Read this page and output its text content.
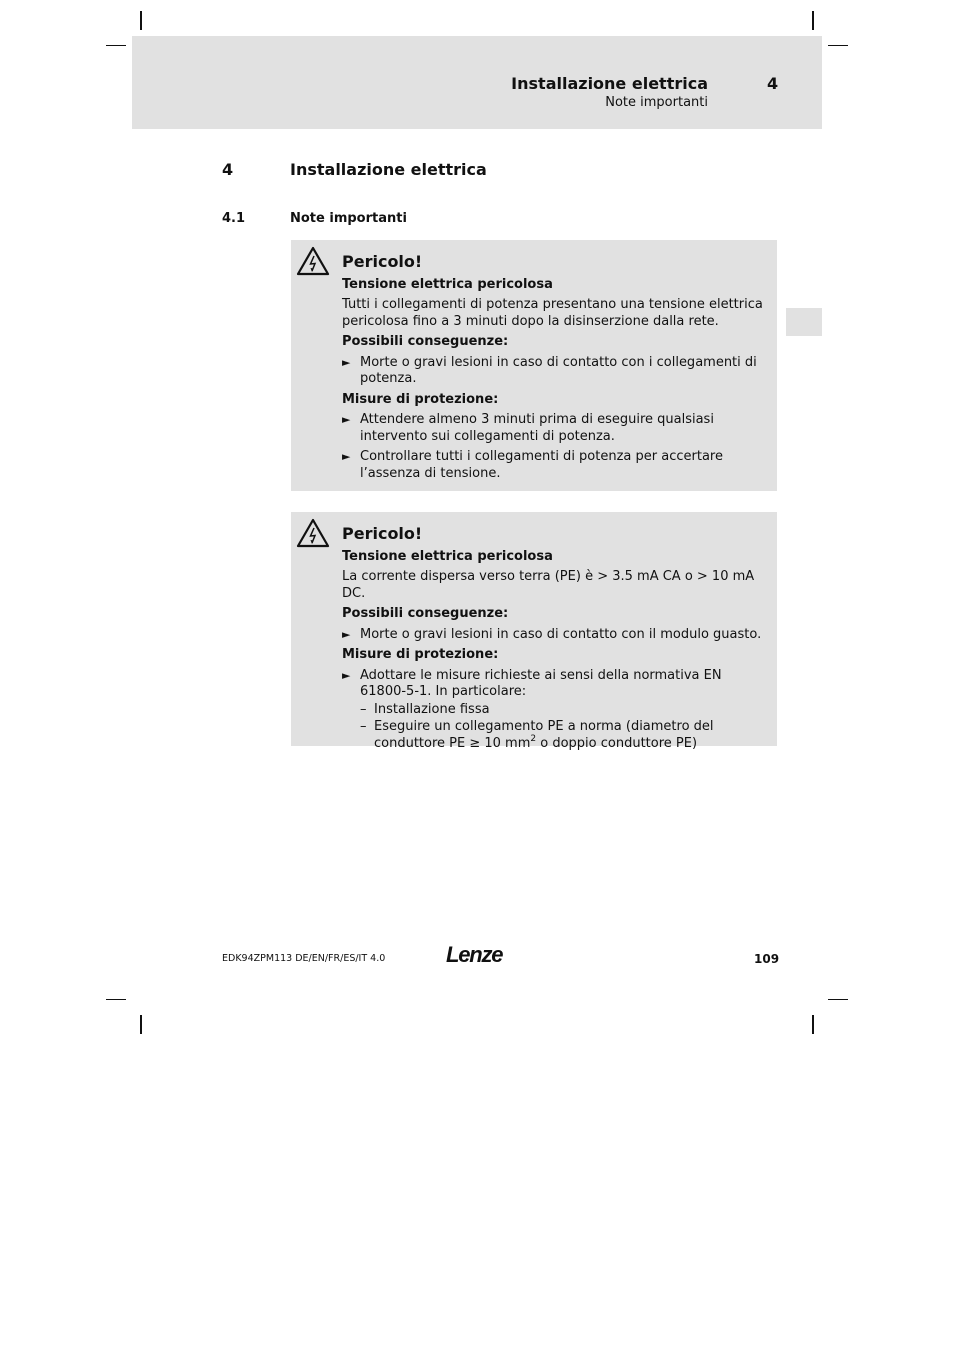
Installazione elettrica
Note importanti
4
4	Installazione elettrica
4.1	Note importanti
Pericolo!
Tensione elettrica pericolosa
Tutti i collegamenti di potenza presentano una tensione elettrica pericolosa fino a 3 minuti dopo la disinserzione dalla rete.
Possibili conseguenze:
► Morte o gravi lesioni in caso di contatto con i collegamenti di potenza.
Misure di protezione:
► Attendere almeno 3 minuti prima di eseguire qualsiasi intervento sui collegamenti di potenza.
► Controllare tutti i collegamenti di potenza per accertare l’assenza di tensione.
Pericolo!
Tensione elettrica pericolosa
La corrente dispersa verso terra (PE) è > 3.5 mA CA o > 10 mA DC.
Possibili conseguenze:
► Morte o gravi lesioni in caso di contatto con il modulo guasto.
Misure di protezione:
► Adottare le misure richieste ai sensi della normativa EN 61800-5-1. In particolare:
– Installazione fissa
– Eseguire un collegamento PE a norma (diametro del conduttore PE ≥ 10 $mm^2$ o doppio conduttore PE)
EDK94ZPM113 DE/EN/FR/ES/IT 4.0	Lenze	109
